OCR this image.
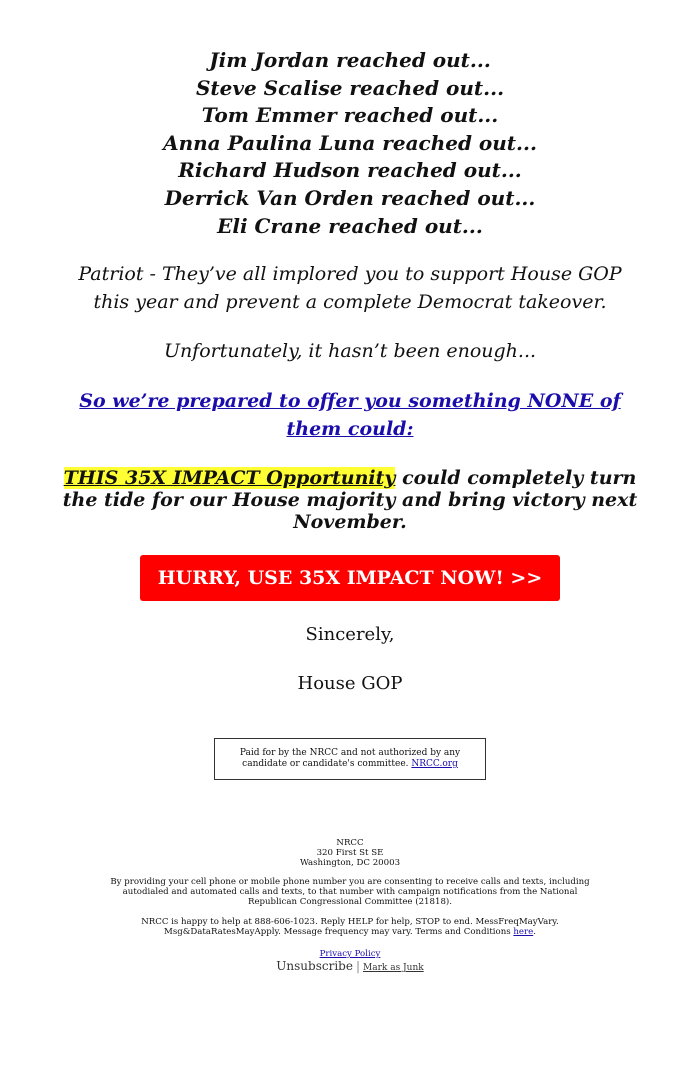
Jim Jordan reached out...
Steve Scalise reached out...
Tom Emmer reached out...
Anna Paulina Luna reached out...
Richard Hudson reached out...
Derrick Van Orden reached out...
Eli Crane reached out...

Patriot - They’ve all implored you to support House GOP this year and prevent a complete Democrat takeover.

Unfortunately, it hasn’t been enough...

So we’re prepared to offer you something NONE of them could:
THIS 35X IMPACT Opportunity could completely turn the tide for our House majority and bring victory next November.
HURRY, USE 35X IMPACT NOW! >>

Sincerely,

House GOP

Paid for by the NRCC and not authorized by any candidate or candidate's committee. NRCC.org

NRCC

320 First St SE

Washington, DC 20003

By providing your cell phone or mobile phone number you are consenting to receive calls and texts, including autodialed and automated calls and texts, to that number with campaign notifications from the National Republican Congressional Committee (21818).

NRCC is happy to help at 888-606-1023. Reply HELP for help, STOP to end. MessFreqMayVary. Msg&DataRatesMayApply. Message frequency may vary. Terms and Conditions here.

Privacy Policy

Unsubscribe | Mark as Junk
